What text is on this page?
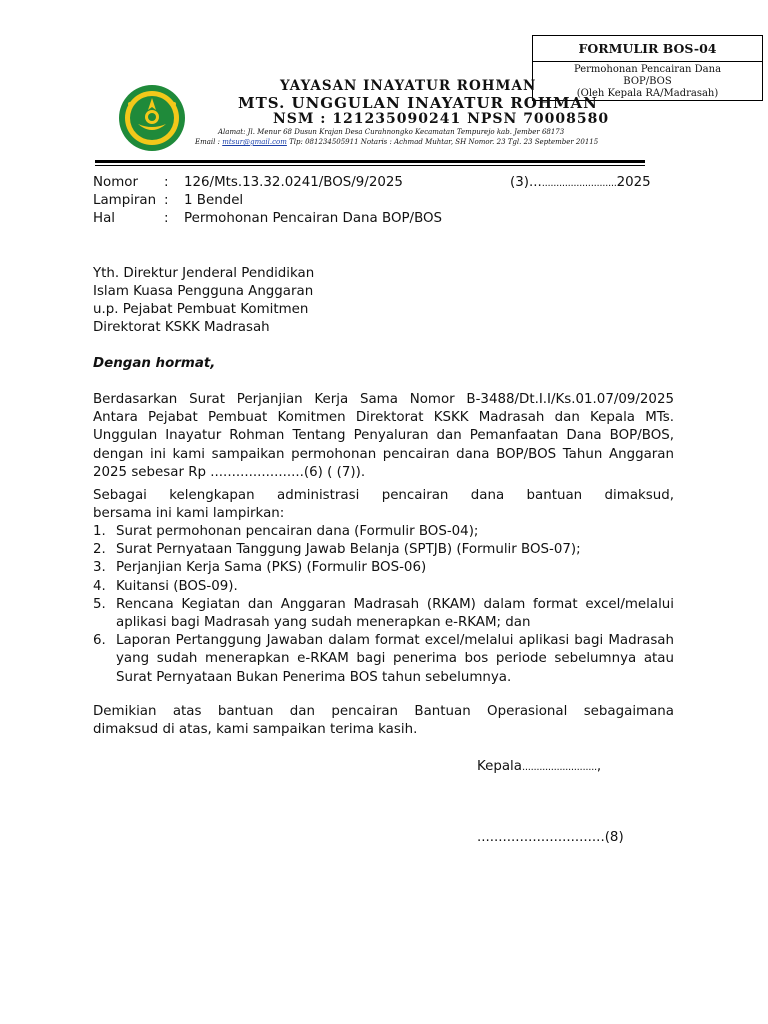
FORMULIR BOS-04
Permohonan Pencairan Dana
BOP/BOS
(Oleh Kepala RA/Madrasah)
YAYASAN INAYATUR ROHMAN
MTS. UNGGULAN INAYATUR ROHMAN
NSM : 121235090241 NPSN 70008580
Alamat: Jl. Menur 68 Dusun Krajan Desa Curahnongko Kecamatan Tempurejo kab. Jember 68173
Email : mtsur@gmail.com Tlp: 081234505911 Notaris : Achmad Muhtar, SH Nomor. 23 Tgl. 23 September 20115
Nomor : 126/Mts.13.32.0241/BOS/9/2025	(3).............................2025
Lampiran : 1 Bendel
Hal	: Permohonan Pencairan Dana BOP/BOS
Yth. Direktur Jenderal Pendidikan
Islam Kuasa Pengguna Anggaran
u.p. Pejabat Pembuat Komitmen
Direktorat KSKK Madrasah
Dengan hormat,
Berdasarkan Surat Perjanjian Kerja Sama Nomor B-3488/Dt.I.I/Ks.01.07/09/2025 Antara Pejabat Pembuat Komitmen Direktorat KSKK Madrasah dan Kepala MTs. Unggulan Inayatur Rohman Tentang Penyaluran dan Pemanfaatan Dana BOP/BOS, dengan ini kami sampaikan permohonan pencairan dana BOP/BOS Tahun Anggaran 2025 sebesar Rp ......................(6) ( (7)).
Sebagai kelengkapan administrasi pencairan dana bantuan dimaksud,
bersama ini kami lampirkan:
1. Surat permohonan pencairan dana (Formulir BOS-04);
2. Surat Pernyataan Tanggung Jawab Belanja (SPTJB) (Formulir BOS-07);
3. Perjanjian Kerja Sama (PKS) (Formulir BOS-06)
4. Kuitansi (BOS-09).
5. Rencana Kegiatan dan Anggaran Madrasah (RKAM) dalam format excel/melalui aplikasi bagi Madrasah yang sudah menerapkan e-RKAM; dan
6. Laporan Pertanggung Jawaban dalam format excel/melalui aplikasi bagi Madrasah yang sudah menerapkan e-RKAM bagi penerima bos periode sebelumnya atau Surat Pernyataan Bukan Penerima BOS tahun sebelumnya.
Demikian atas bantuan dan pencairan Bantuan Operasional sebagaimana
dimaksud di atas, kami sampaikan terima kasih.
Kepala..........................,
..............................(8)
